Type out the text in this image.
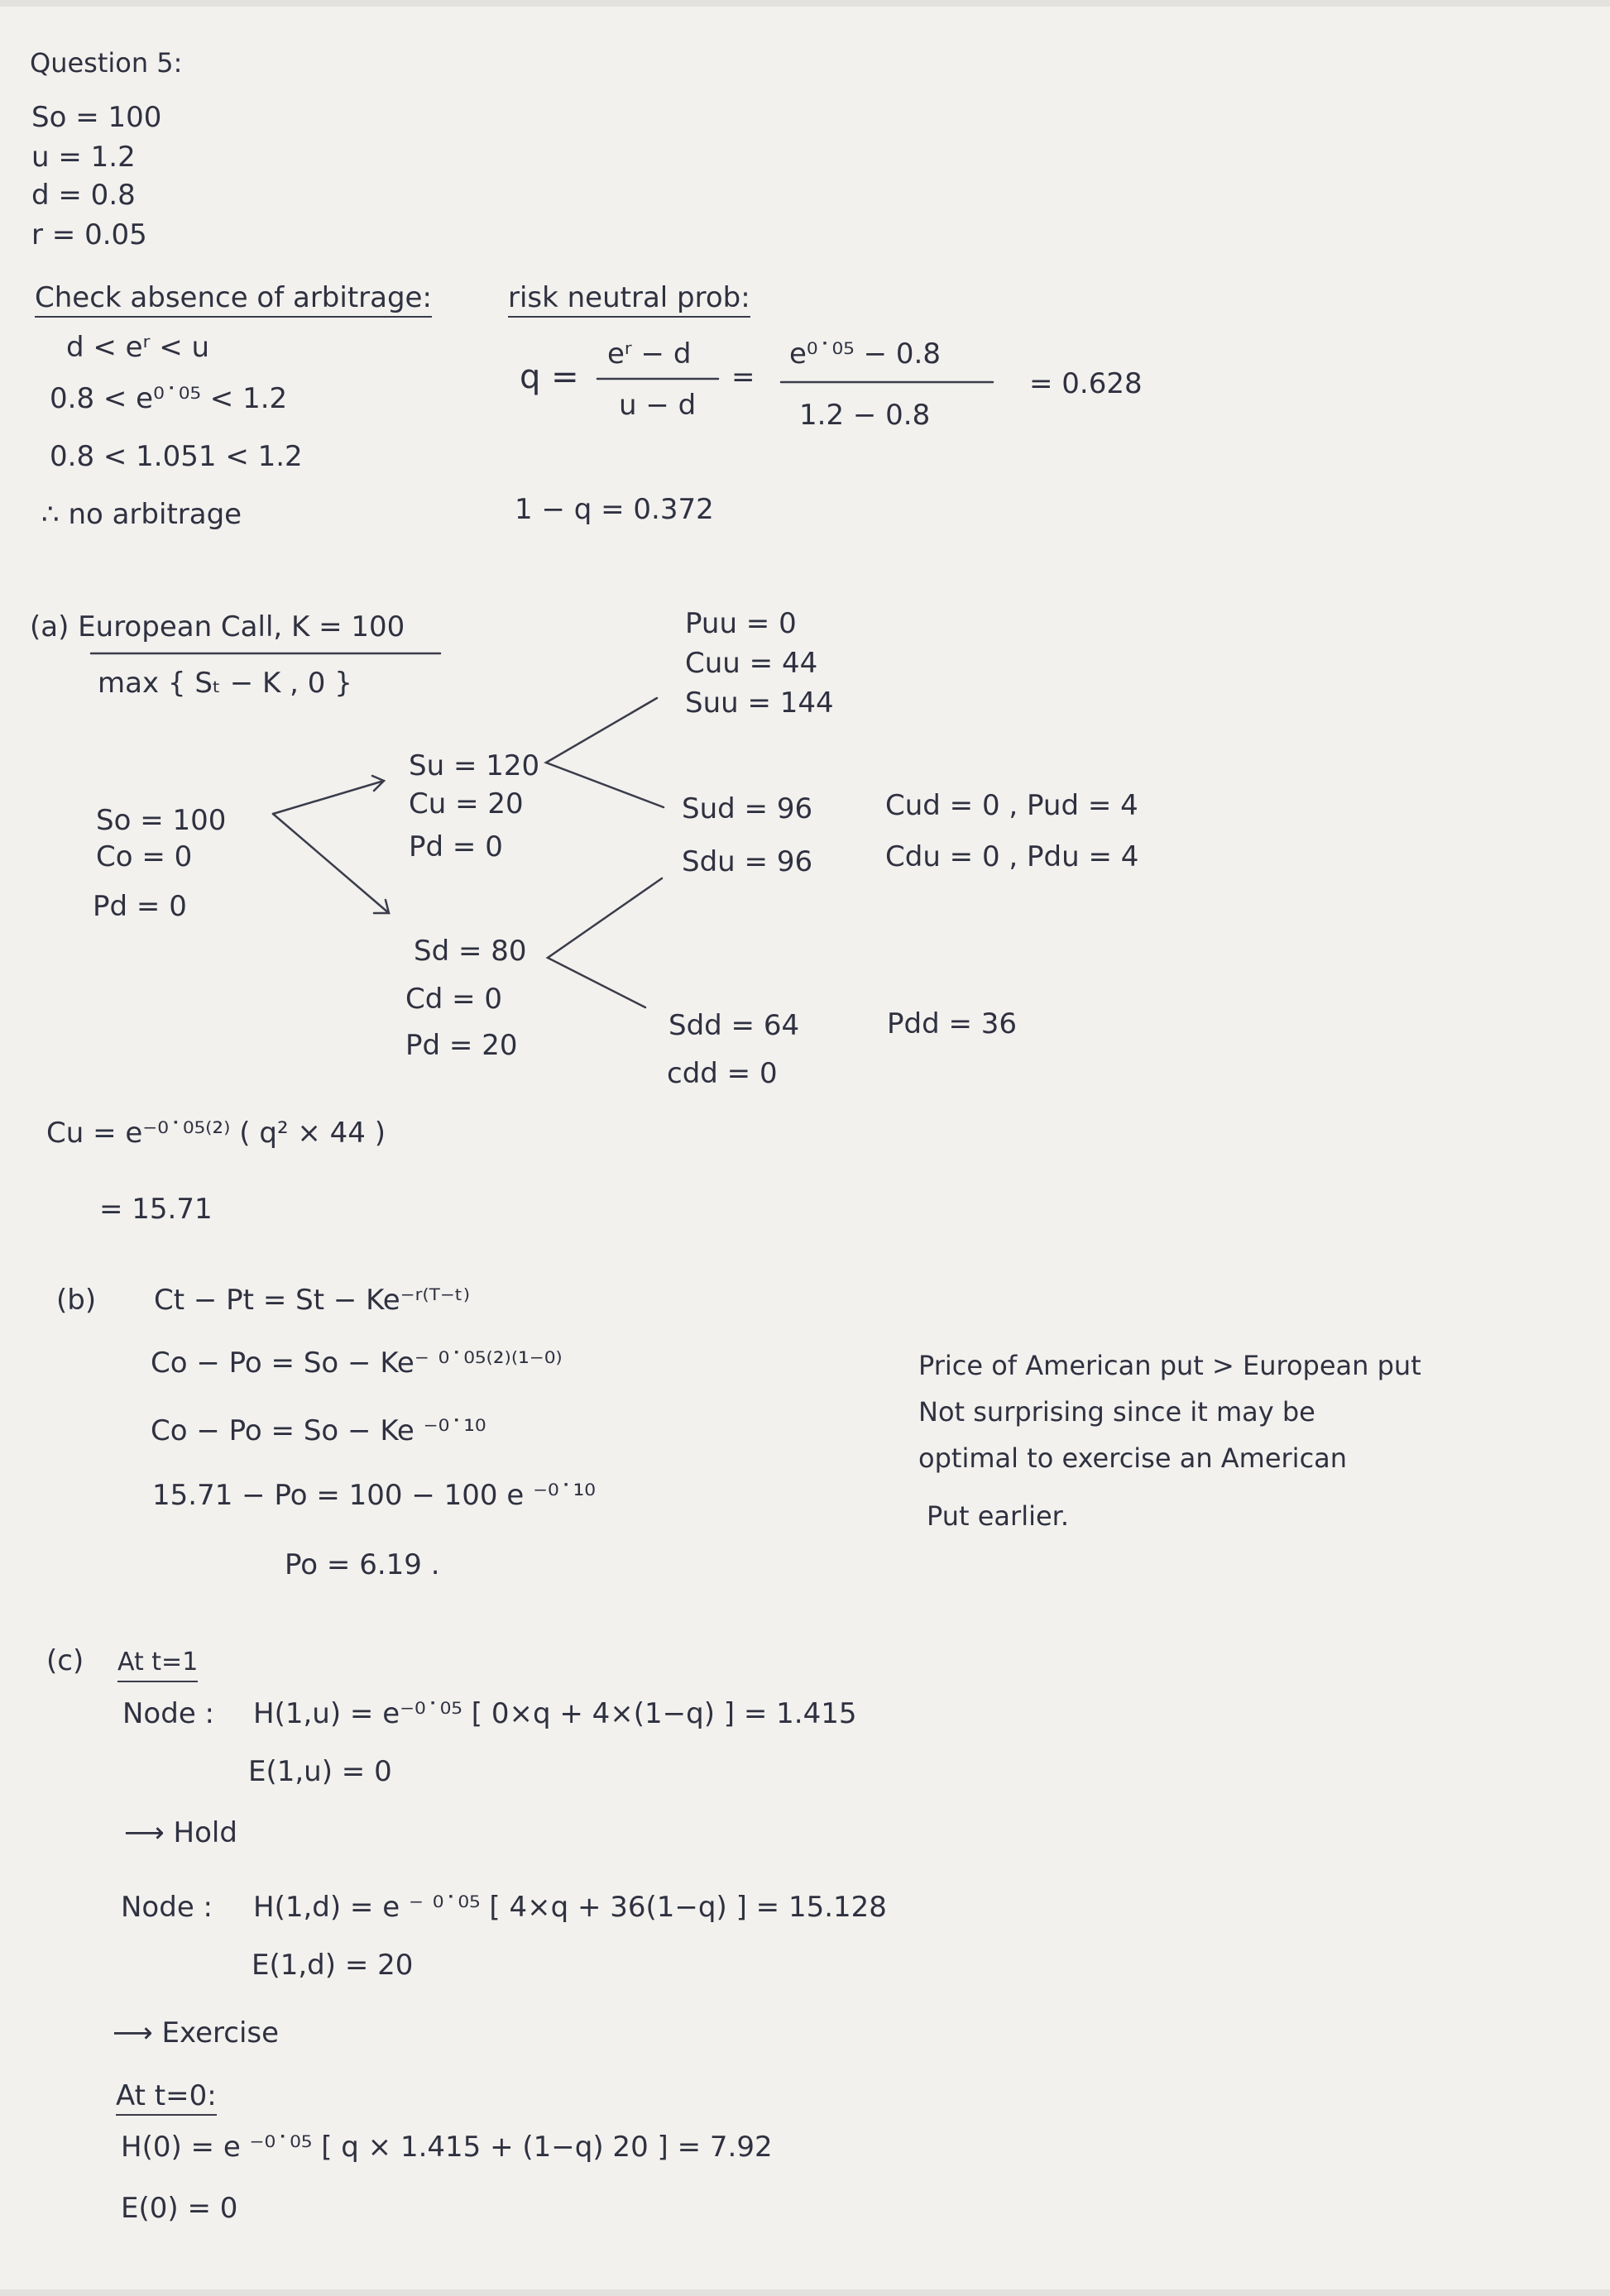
Question 5:
So = 100
u = 1.2
d = 0.8
r = 0.05
Check absence of arbitrage:
d < eʳ < u
0.8 < e⁰˙⁰⁵ < 1.2
0.8 < 1.051 < 1.2
∴ no arbitrage
risk neutral prob:
q =
eʳ − d
u − d
=
e⁰˙⁰⁵ − 0.8
1.2 − 0.8
= 0.628
1 − q = 0.372
(a) European Call, K = 100
max { Sₜ − K , 0 }
So = 100
Co = 0
Pd = 0
Su = 120
Cu = 20
Pd = 0
Sd = 80
Cd = 0
Pd = 20
Puu = 0
Cuu = 44
Suu = 144
Sud = 96	Cud = 0 , Pud = 4
Sdu = 96	Cdu = 0 , Pdu = 4
Sdd = 64	Pdd = 36
cdd = 0
Cu = e⁻⁰˙⁰⁵⁽²⁾ ( q² × 44 )
= 15.71
(b) Ct − Pt = St − Ke⁻ʳ⁽ᵀ⁻ᵗ⁾
Co − Po = So − Ke⁻ ⁰˙⁰⁵⁽²⁾⁽¹⁻⁰⁾
Co − Po = So − Ke ⁻⁰˙¹⁰
15.71 − Po = 100 − 100 e ⁻⁰˙¹⁰
Po = 6.19 .
Price of American put > European put
Not surprising since it may be
optimal to exercise an American
Put earlier.
(c) At t=1
Node : H(1,u) = e⁻⁰˙⁰⁵ [ 0×q + 4×(1−q) ] = 1.415
E(1,u) = 0
⟶ Hold
Node : H(1,d) = e ⁻ ⁰˙⁰⁵ [ 4×q + 36(1−q) ] = 15.128
E(1,d) = 20
⟶ Exercise
At t=0:
H(0) = e ⁻⁰˙⁰⁵ [ q × 1.415 + (1−q) 20 ] = 7.92
E(0) = 0
